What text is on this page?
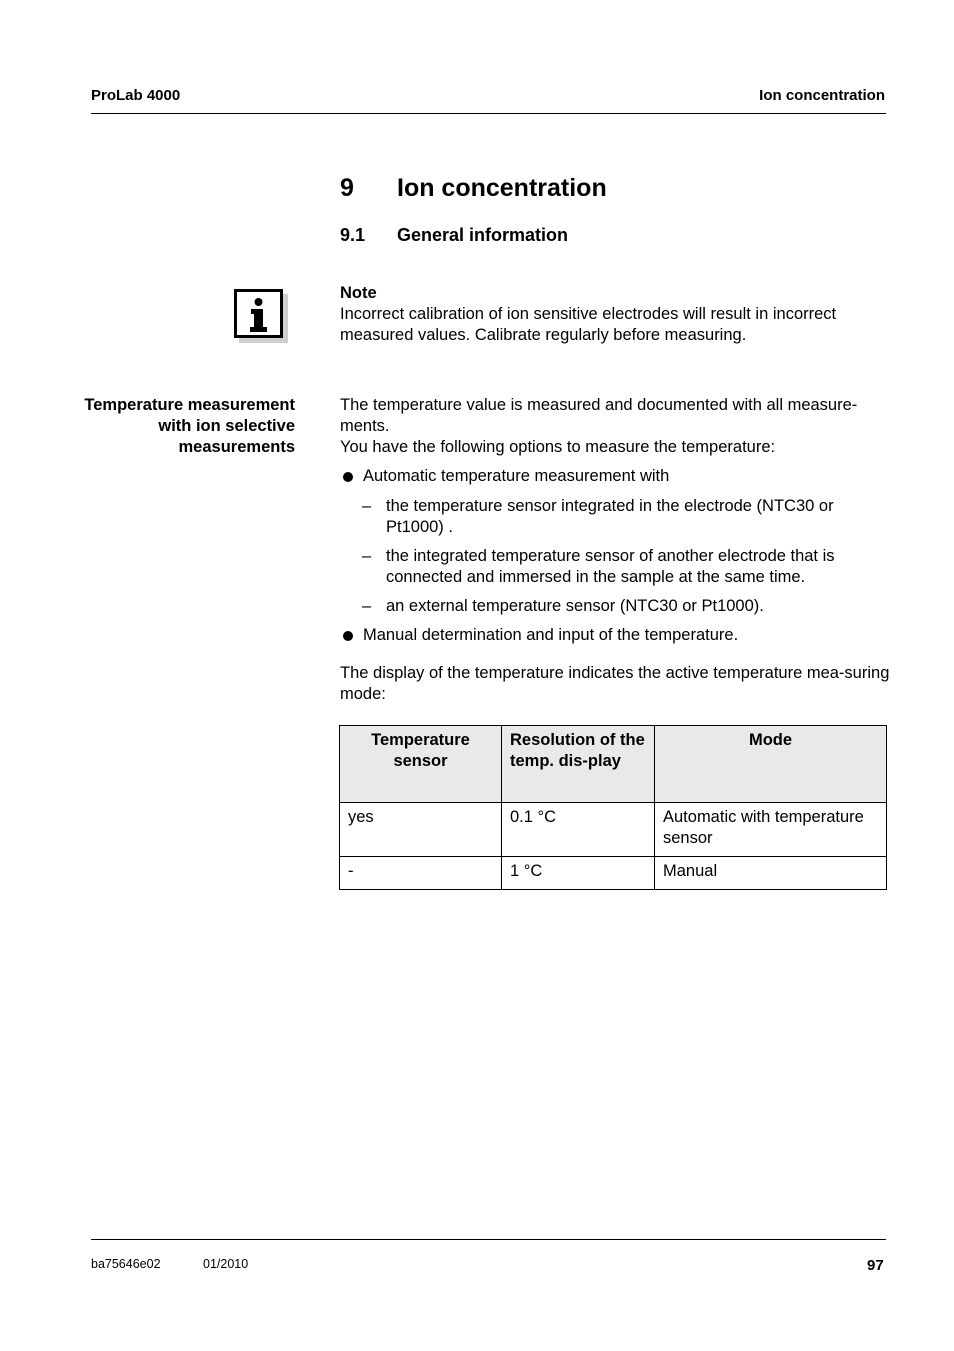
ProLab 4000	Ion concentration
9 Ion concentration
9.1 General information
Note
Incorrect calibration of ion sensitive electrodes will result in incorrect measured values. Calibrate regularly before measuring.
Temperature measurement with ion selective measurements
The temperature value is measured and documented with all measure-ments.
You have the following options to measure the temperature:
Automatic temperature measurement with
– the temperature sensor integrated in the electrode (NTC30 or Pt1000) .
– the integrated temperature sensor of another electrode that is connected and immersed in the sample at the same time.
– an external temperature sensor (NTC30 or Pt1000).
Manual determination and input of the temperature.
The display of the temperature indicates the active temperature mea-suring mode:
Temperature sensor	Resolution of the temp. dis-play	Mode
yes	0.1 °C	Automatic with temperature sensor
-	1 °C	Manual
ba75646e02	01/2010	97
